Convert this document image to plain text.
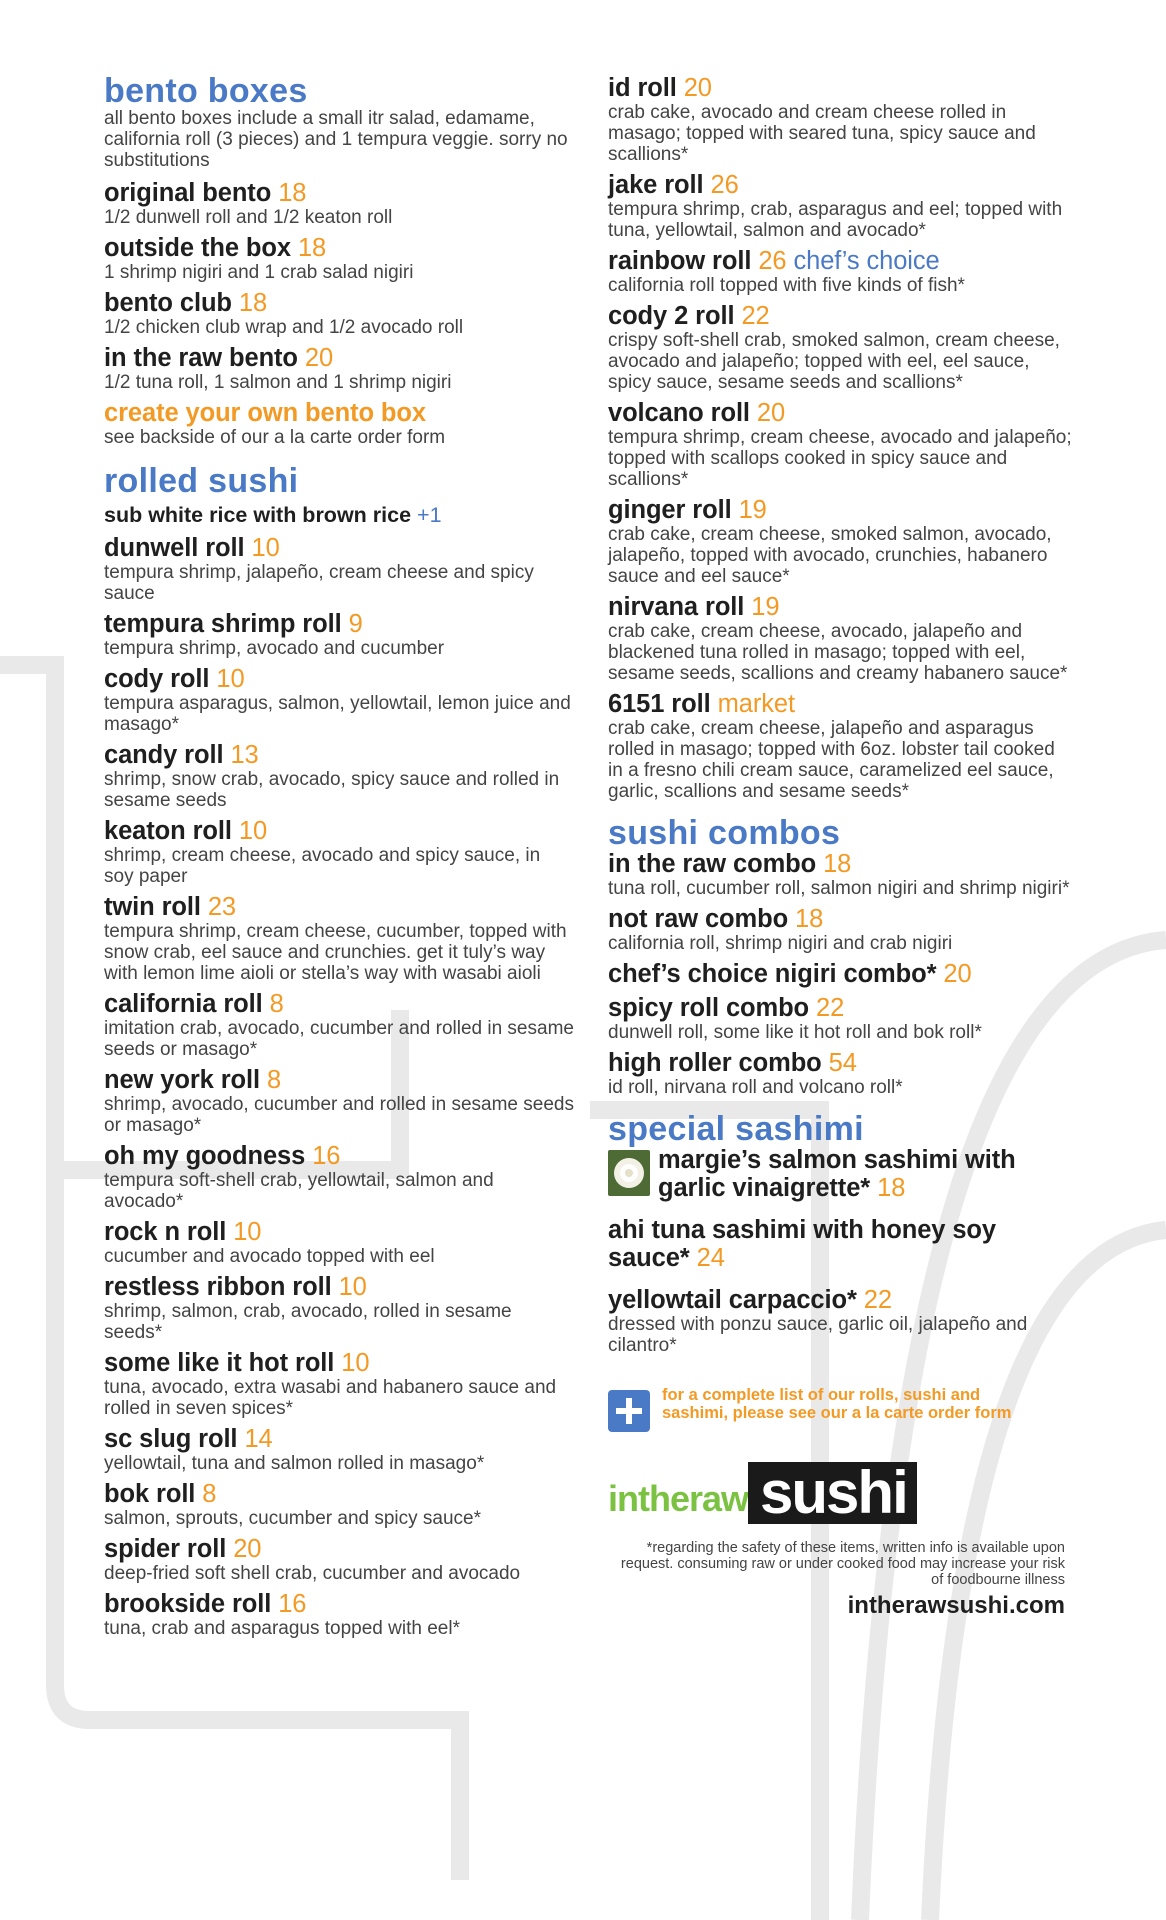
bento boxes
all bento boxes include a small itr salad, edamame, california roll (3 pieces) and 1 tempura veggie. sorry no substitutions
original bento 18
1/2 dunwell roll and 1/2 keaton roll
outside the box 18
1 shrimp nigiri and 1 crab salad nigiri
bento club 18
1/2 chicken club wrap and 1/2 avocado roll
in the raw bento 20
1/2 tuna roll, 1 salmon and 1 shrimp nigiri
create your own bento box
see backside of our a la carte order form
rolled sushi
sub white rice with brown rice +1
dunwell roll 10
tempura shrimp, jalapeño, cream cheese and spicy sauce
tempura shrimp roll 9
tempura shrimp, avocado and cucumber
cody roll 10
tempura asparagus, salmon, yellowtail, lemon juice and masago*
candy roll 13
shrimp, snow crab, avocado, spicy sauce and rolled in sesame seeds
keaton roll 10
shrimp, cream cheese, avocado and spicy sauce, in soy paper
twin roll 23
tempura shrimp, cream cheese, cucumber, topped with snow crab, eel sauce and crunchies. get it tuly’s way with lemon lime aioli or stella’s way with wasabi aioli
california roll 8
imitation crab, avocado, cucumber and rolled in sesame seeds or masago*
new york roll 8
shrimp, avocado, cucumber and rolled in sesame seeds or masago*
oh my goodness 16
tempura soft-shell crab, yellowtail, salmon and avocado*
rock n roll 10
cucumber and avocado topped with eel
restless ribbon roll 10
shrimp, salmon, crab, avocado, rolled in sesame seeds*
some like it hot roll 10
tuna, avocado, extra wasabi and habanero sauce and rolled in seven spices*
sc slug roll 14
yellowtail, tuna and salmon rolled in masago*
bok roll 8
salmon, sprouts, cucumber and spicy sauce*
spider roll 20
deep-fried soft shell crab, cucumber and avocado
brookside roll 16
tuna, crab and asparagus topped with eel*
id roll 20
crab cake, avocado and cream cheese rolled in masago; topped with seared tuna, spicy sauce and scallions*
jake roll 26
tempura shrimp, crab, asparagus and eel; topped with tuna, yellowtail, salmon and avocado*
rainbow roll 26 chef’s choice
california roll topped with five kinds of fish*
cody 2 roll 22
crispy soft-shell crab, smoked salmon, cream cheese, avocado and jalapeño; topped with eel, eel sauce, spicy sauce, sesame seeds and scallions*
volcano roll 20
tempura shrimp, cream cheese, avocado and jalapeño; topped with scallops cooked in spicy sauce and scallions*
ginger roll 19
crab cake, cream cheese, smoked salmon, avocado, jalapeño, topped with avocado, crunchies, habanero sauce and eel sauce*
nirvana roll 19
crab cake, cream cheese, avocado, jalapeño and blackened tuna rolled in masago; topped with eel, sesame seeds, scallions and creamy habanero sauce*
6151 roll market
crab cake, cream cheese, jalapeño and asparagus rolled in masago; topped with 6oz. lobster tail cooked in a fresno chili cream sauce, caramelized eel sauce, garlic, scallions and sesame seeds*
sushi combos
in the raw combo 18
tuna roll, cucumber roll, salmon nigiri and shrimp nigiri*
not raw combo 18
california roll, shrimp nigiri and crab nigiri
chef’s choice nigiri combo* 20
spicy roll combo 22
dunwell roll, some like it hot roll and bok roll*
high roller combo 54
id roll, nirvana roll and volcano roll*
special sashimi
margie’s salmon sashimi with garlic vinaigrette* 18
ahi tuna sashimi with honey soy sauce* 24
yellowtail carpaccio* 22
dressed with ponzu sauce, garlic oil, jalapeño and cilantro*
for a complete list of our rolls, sushi and sashimi, please see our a la carte order form
intheraw sushi
*regarding the safety of these items, written info is available upon request. consuming raw or under cooked food may increase your risk of foodbourne illness
intherawsushi.com
